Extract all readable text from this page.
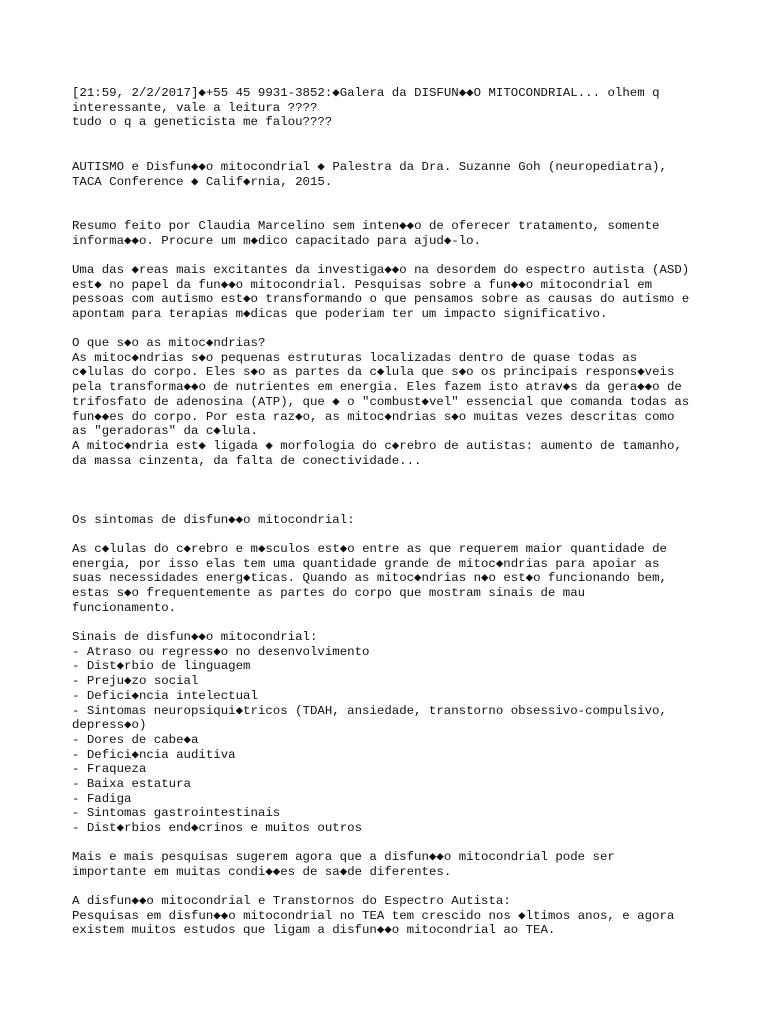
[21:59, 2/2/2017]◆+55 45 9931-3852:◆Galera da DISFUN◆◆O MITOCONDRIAL... olhem q
interessante, vale a leitura ????
tudo o q a geneticista me falou????

AUTISMO e Disfun◆◆o mitocondrial ◆ Palestra da Dra. Suzanne Goh (neuropediatra),
TACA Conference ◆ Calif◆rnia, 2015.

Resumo feito por Claudia Marcelino sem inten◆◆o de oferecer tratamento, somente
informa◆◆o. Procure um m◆dico capacitado para ajud◆-lo.

Uma das ◆reas mais excitantes da investiga◆◆o na desordem do espectro autista (ASD)
est◆ no papel da fun◆◆o mitocondrial. Pesquisas sobre a fun◆◆o mitocondrial em
pessoas com autismo est◆o transformando o que pensamos sobre as causas do autismo e
apontam para terapias m◆dicas que poderiam ter um impacto significativo.

O que s◆o as mitoc◆ndrias?
As mitoc◆ndrias s◆o pequenas estruturas localizadas dentro de quase todas as
c◆lulas do corpo. Eles s◆o as partes da c◆lula que s◆o os principais respons◆veis
pela transforma◆◆o de nutrientes em energia. Eles fazem isto atrav◆s da gera◆◆o de
trifosfato de adenosina (ATP), que ◆ o "combust◆vel" essencial que comanda todas as
fun◆◆es do corpo. Por esta raz◆o, as mitoc◆ndrias s◆o muitas vezes descritas como
as "geradoras" da c◆lula.
A mitoc◆ndria est◆ ligada ◆ morfologia do c◆rebro de autistas: aumento de tamanho,
da massa cinzenta, da falta de conectividade...

Os sintomas de disfun◆◆o mitocondrial:

As c◆lulas do c◆rebro e m◆sculos est◆o entre as que requerem maior quantidade de
energia, por isso elas tem uma quantidade grande de mitoc◆ndrias para apoiar as
suas necessidades energ◆ticas. Quando as mitoc◆ndrias n◆o est◆o funcionando bem,
estas s◆o frequentemente as partes do corpo que mostram sinais de mau
funcionamento.

Sinais de disfun◆◆o mitocondrial:
- Atraso ou regress◆o no desenvolvimento
- Dist◆rbio de linguagem
- Preju◆zo social
- Defici◆ncia intelectual
- Sintomas neuropsiqui◆tricos (TDAH, ansiedade, transtorno obsessivo-compulsivo,
depress◆o)
- Dores de cabe◆a
- Defici◆ncia auditiva
- Fraqueza
- Baixa estatura
- Fadiga
- Sintomas gastrointestinais
- Dist◆rbios end◆crinos e muitos outros

Mais e mais pesquisas sugerem agora que a disfun◆◆o mitocondrial pode ser
importante em muitas condi◆◆es de sa◆de diferentes.

A disfun◆◆o mitocondrial e Transtornos do Espectro Autista:
Pesquisas em disfun◆◆o mitocondrial no TEA tem crescido nos ◆ltimos anos, e agora
existem muitos estudos que ligam a disfun◆◆o mitocondrial ao TEA.
